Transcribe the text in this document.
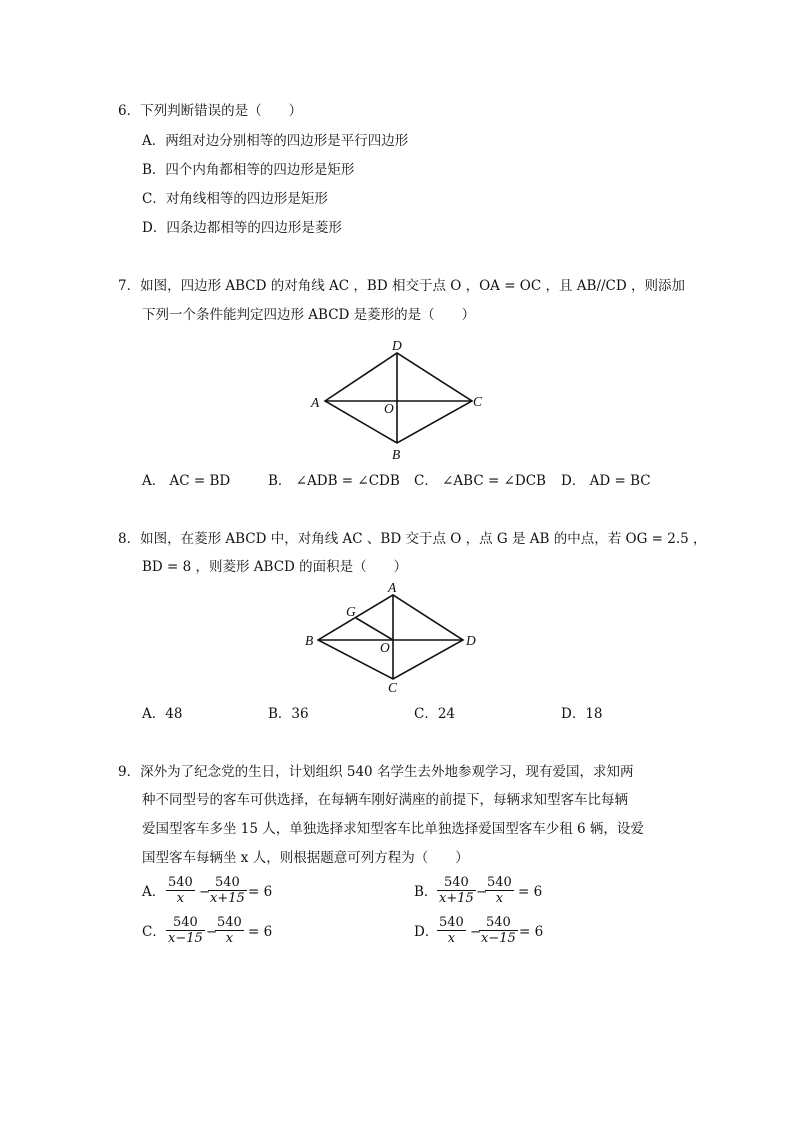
6．下列判断错误的是（　　）
A．两组对边分别相等的四边形是平行四边形
B．四个内角都相等的四边形是矩形
C．对角线相等的四边形是矩形
D．四条边都相等的四边形是菱形
7．如图，四边形 ABCD 的对角线 AC ，BD 相交于点 O ，OA = OC ，且 AB//CD ，则添加
下列一个条件能判定四边形 ABCD 是菱形的是（　　）
D
A	C
O
B
A． AC = BD	B． ∠ADB = ∠CDB C． ∠ABC = ∠DCB D． AD = BC
8．如图，在菱形 ABCD 中，对角线 AC 、BD 交于点 O ，点 G 是 AB 的中点，若 OG = 2.5 ，
BD = 8 ，则菱形 ABCD 的面积是（　　）
A
G
B	D
O
C
A．48	B．36	C．24	D．18
9．深外为了纪念党的生日，计划组织 540 名学生去外地参观学习，现有爱国，求知两
种不同型号的客车可供选择，在每辆车刚好满座的前提下，每辆求知型客车比每辆
爱国型客车多坐 15 人，单独选择求知型客车比单独选择爱国型客车少租 6 辆，设爱
国型客车每辆坐 x 人，则根据题意可列方程为（　　）
A． $\frac{540}{x}$ −
$\frac{540}{x+15} = 6$	B． $\frac{540}{x+15}$ −
$\frac{540}{x} = 6$
C． $\frac{540}{x-15}$ −
$\frac{540}{x} = 6$	D．
$\frac{540}{x}$ −
$\frac{540}{x-15} = 6$
